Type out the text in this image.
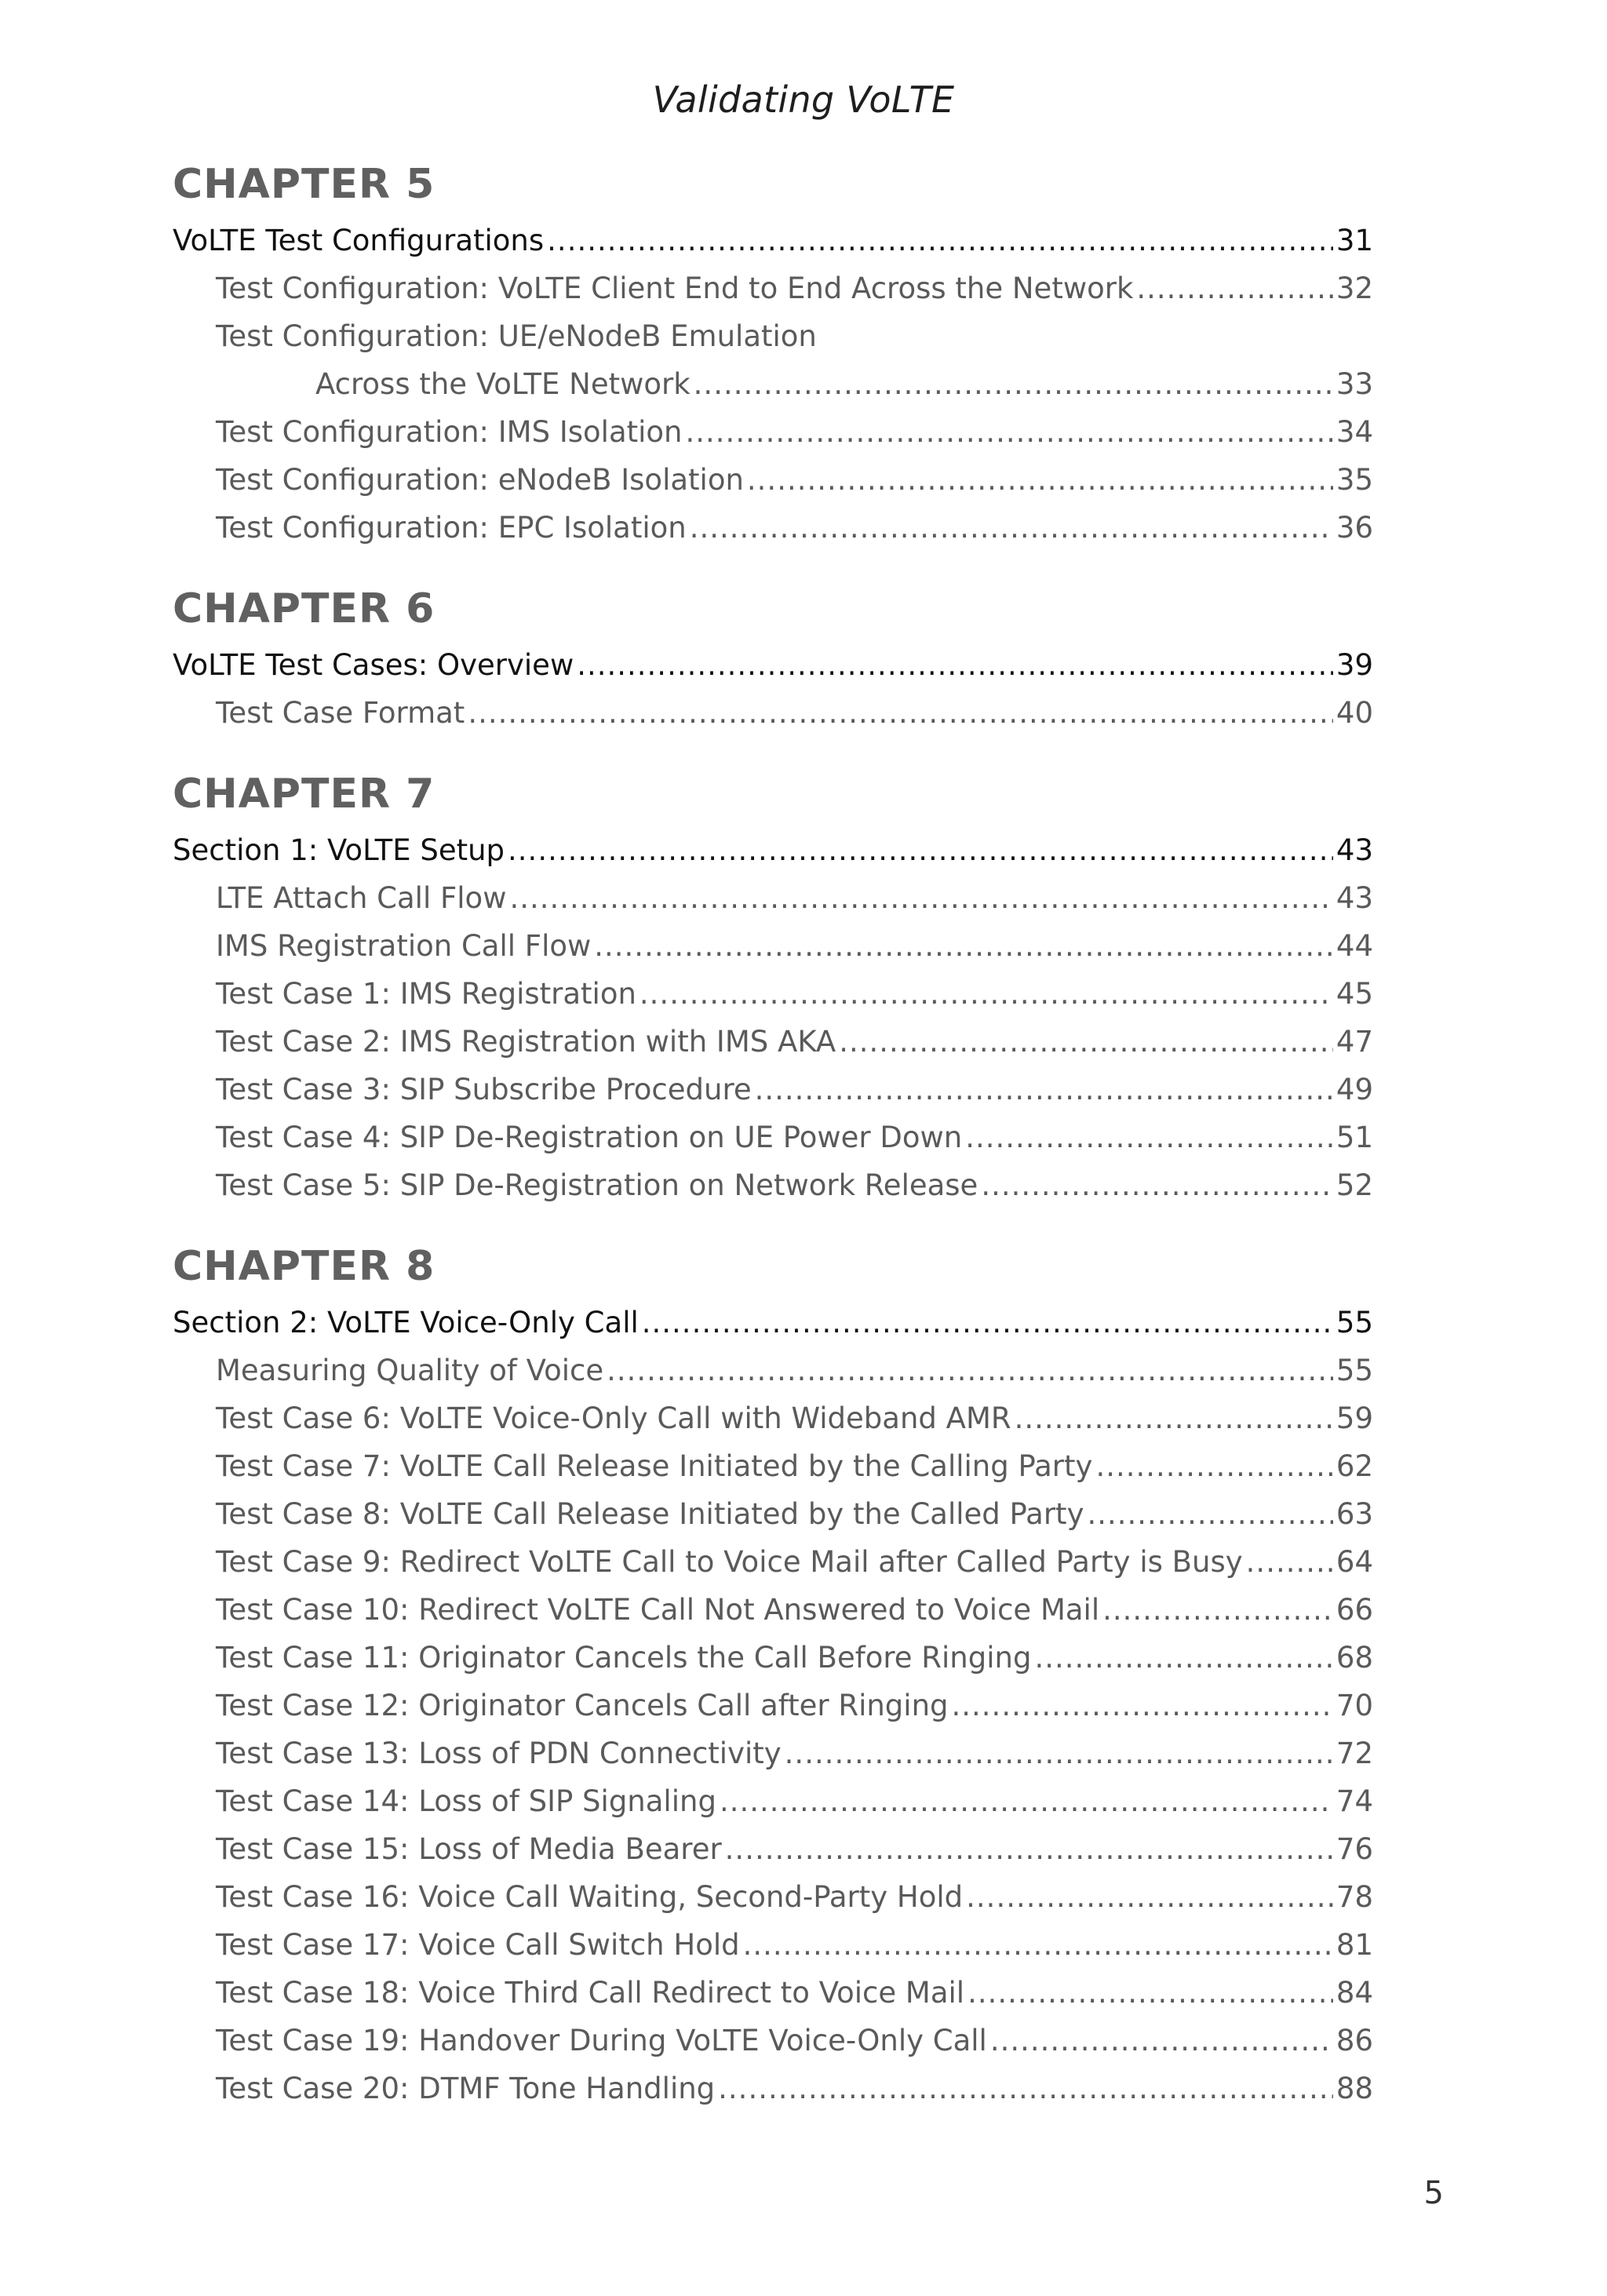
Validating VoLTE
CHAPTER 5
VoLTE Test Configurations .....	31
Test Configuration: VoLTE Client End to End Across the Network .....	32
Test Configuration: UE/eNodeB Emulation
Across the VoLTE Network .....	33
Test Configuration: IMS Isolation .....	34
Test Configuration: eNodeB Isolation .....	35
Test Configuration: EPC Isolation .....	36
CHAPTER 6
VoLTE Test Cases: Overview .....	39
Test Case Format .....	40
CHAPTER 7
Section 1: VoLTE Setup .....	43
LTE Attach Call Flow .....	43
IMS Registration Call Flow .....	44
Test Case 1: IMS Registration .....	45
Test Case 2: IMS Registration with IMS AKA .....	47
Test Case 3: SIP Subscribe Procedure .....	49
Test Case 4: SIP De-Registration on UE Power Down .....	51
Test Case 5: SIP De-Registration on Network Release .....	52
CHAPTER 8
Section 2: VoLTE Voice-Only Call .....	55
Measuring Quality of Voice .....	55
Test Case 6: VoLTE Voice-Only Call with Wideband AMR .....	59
Test Case 7: VoLTE Call Release Initiated by the Calling Party .....	62
Test Case 8: VoLTE Call Release Initiated by the Called Party .....	63
Test Case 9: Redirect VoLTE Call to Voice Mail after Called Party is Busy .....	64
Test Case 10: Redirect VoLTE Call Not Answered to Voice Mail .....	66
Test Case 11: Originator Cancels the Call Before Ringing .....	68
Test Case 12: Originator Cancels Call after Ringing .....	70
Test Case 13: Loss of PDN Connectivity .....	72
Test Case 14: Loss of SIP Signaling .....	74
Test Case 15: Loss of Media Bearer .....	76
Test Case 16: Voice Call Waiting, Second-Party Hold .....	78
Test Case 17: Voice Call Switch Hold .....	81
Test Case 18: Voice Third Call Redirect to Voice Mail .....	84
Test Case 19: Handover During VoLTE Voice-Only Call .....	86
Test Case 20: DTMF Tone Handling .....	88
5
